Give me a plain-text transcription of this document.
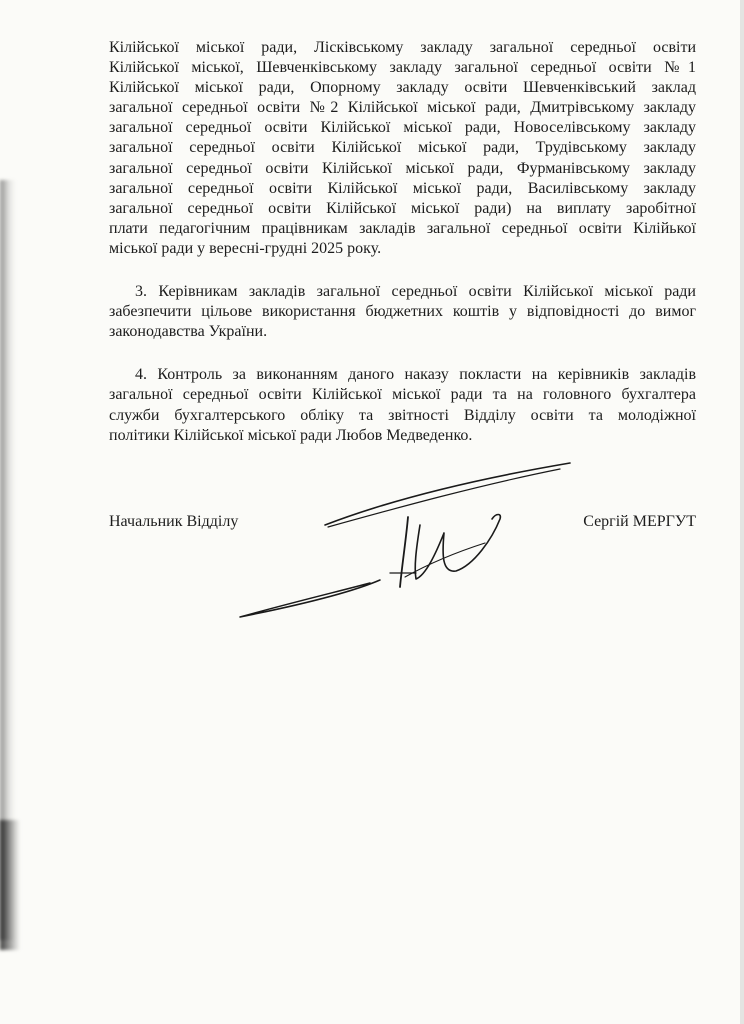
Кілійської міської ради, Лісківському закладу загальної середньої освіти
Кілійської міської, Шевченківському закладу загальної середньої освіти №1
Кілійської міської ради, Опорному закладу освіти Шевченківський заклад
загальної середньої освіти №2 Кілійської міської ради, Дмитрівському закладу
загальної середньої освіти Кілійської міської ради, Новоселівському закладу
загальної середньої освіти Кілійської міської ради, Трудівському закладу
загальної середньої освіти Кілійської міської ради, Фурманівському закладу
загальної середньої освіти Кілійської міської ради, Василівському закладу
загальної середньої освіти Кілійської міської ради) на виплату заробітної
плати педагогічним працівникам закладів загальної середньої освіти Кілійької
міської ради у вересні-грудні 2025 року.

3. Керівникам закладів загальної середньої освіти Кілійської міської ради
забезпечити цільове використання бюджетних коштів у відповідності до вимог
законодавства України.

4. Контроль за виконанням даного наказу покласти на керівників закладів
загальної середньої освіти Кілійської міської ради та на головного бухгалтера
служби бухгалтерського обліку та звітності Відділу освіти та молодіжної
політики Кілійської міської ради Любов Медведенко.

Начальник Відділу	Сергій МЕРГУТ
